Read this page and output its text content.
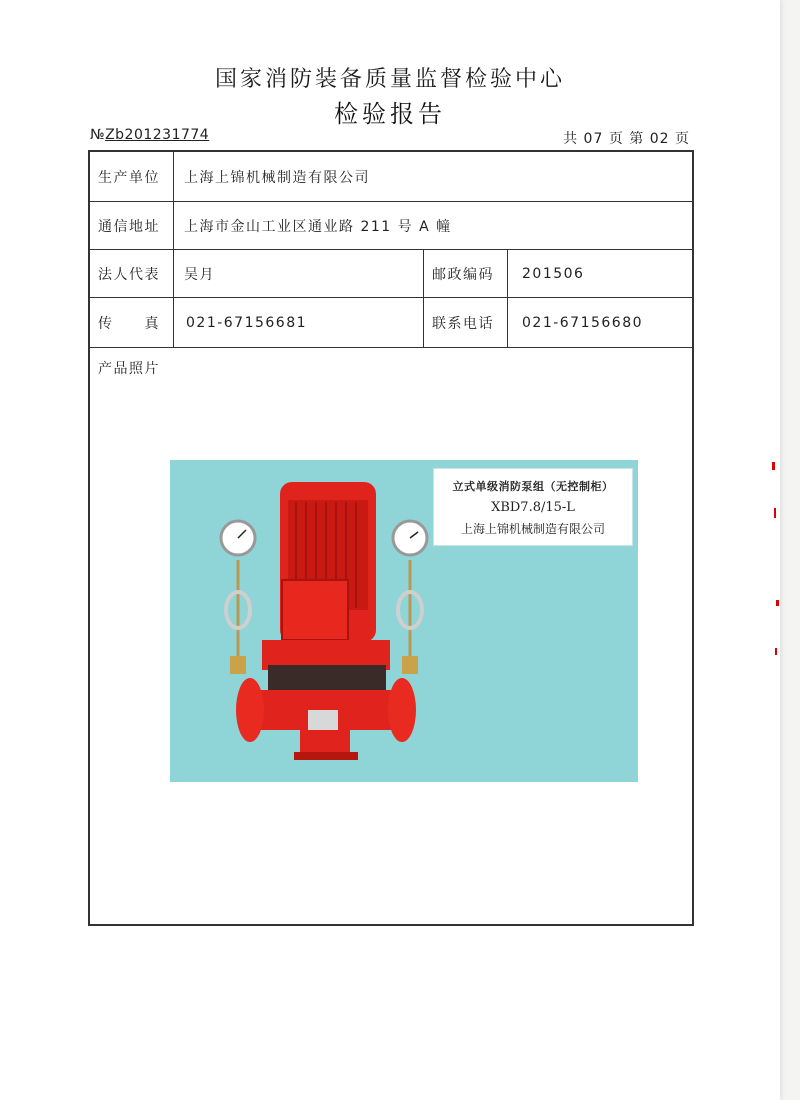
国家消防装备质量监督检验中心
检验报告
№Zb201231774	共 07 页 第 02 页
生产单位	上海上锦机械制造有限公司
通信地址	上海市金山工业区通业路 211 号 A 幢
法人代表	吴月	邮政编码	201506
传　　真	021-67156681	联系电话	021-67156680
产品照片
立式单级消防泵组（无控制柜）
XBD7.8/15-L
上海上锦机械制造有限公司
